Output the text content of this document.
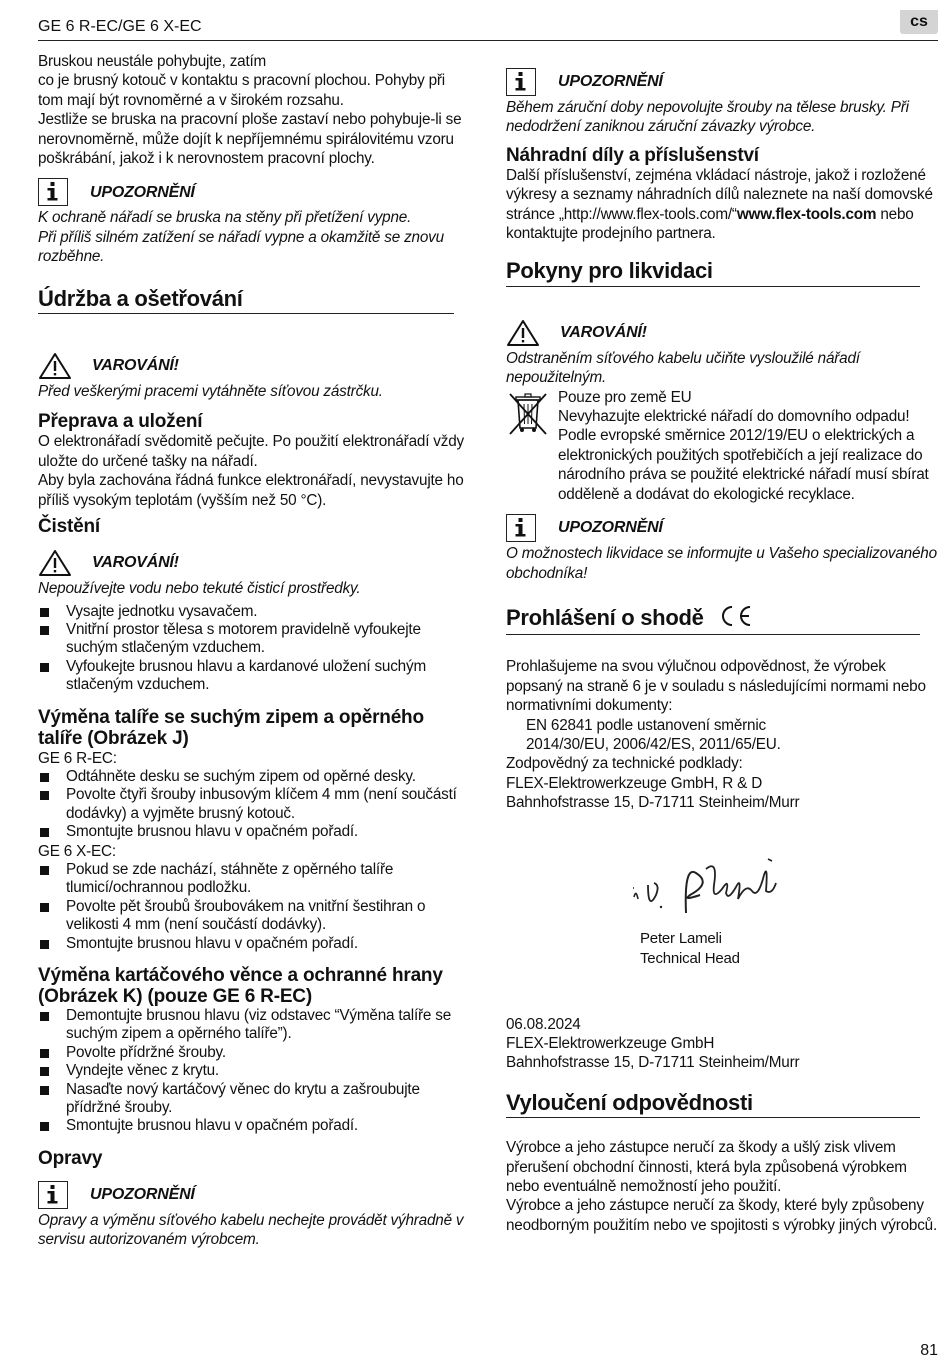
GE 6 R-EC/GE 6 X-EC	cs

Bruskou neustále pohybujte, zatím

co je brusný kotouč v kontaktu s pracovní plochou. Pohyby při tom mají být rovnoměrné a v širokém rozsahu.

Jestliže se bruska na pracovní ploše zastaví nebo pohybuje-li se nerovnoměrně, může dojít k nepříjemnému spirálovitému vzoru poškrábání, jakož i k nerovnostem pracovní plochy.

UPOZORNĚNÍ

K ochraně nářadí se bruska na stěny při přetížení vypne.

Při příliš silném zatížení se nářadí vypne a okamžitě se znovu rozběhne.

Údržba a ošetřování
VAROVÁNÍ!

Před veškerými pracemi vytáhněte síťovou zástrčku.

Přeprava a uložení

O elektronářadí svědomitě pečujte. Po použití elektronářadí vždy uložte do určené tašky na nářadí.

Aby byla zachována řádná funkce elektronářadí, nevystavujte ho příliš vysokým teplotám (vyšším než 50 °C).

Čistění
VAROVÁNÍ!

Nepoužívejte vodu nebo tekuté čisticí prostředky.

Vysajte jednotku vysavačem.
Vnitřní prostor tělesa s motorem pravidelně vyfoukejte suchým stlačeným vzduchem.
Vyfoukejte brusnou hlavu a kardanové uložení suchým stlačeným vzduchem.
Výměna talíře se suchým zipem a opěrného talíře (Obrázek J)

GE 6 R-EC:

Odtáhněte desku se suchým zipem od opěrné desky.
Povolte čtyři šrouby inbusovým klíčem 4 mm (není součástí dodávky) a vyjměte brusný kotouč.
Smontujte brusnou hlavu v opačném pořadí.

GE 6 X-EC:

Pokud se zde nachází, stáhněte z opěrného talíře tlumicí/ochrannou podložku.
Povolte pět šroubů šroubovákem na vnitřní šestihran o velikosti 4 mm (není součástí dodávky).
Smontujte brusnou hlavu v opačném pořadí.
Výměna kartáčového věnce a ochranné hrany (Obrázek K) (pouze GE 6 R-EC)
Demontujte brusnou hlavu (viz odstavec “Výměna talíře se suchým zipem a opěrného talíře”).
Povolte přídržné šrouby.
Vyndejte věnec z krytu.
Nasaďte nový kartáčový věnec do krytu a zašroubujte přídržné šrouby.
Smontujte brusnou hlavu v opačném pořadí.
Opravy
UPOZORNĚNÍ

Opravy a výměnu síťového kabelu nechejte provádět výhradně v servisu autorizovaném výrobcem.

UPOZORNĚNÍ

Během záruční doby nepovolujte šrouby na tělese brusky. Při nedodržení zaniknou záruční závazky výrobce.

Náhradní díly a příslušenství

Další příslušenství, zejména vkládací nástroje, jakož i rozložené výkresy a seznamy náhradních dílů naleznete na naší domovské stránce „http://www.flex-tools.com/“www.flex-tools.com nebo kontaktujte prodejního partnera.

Pokyny pro likvidaci
VAROVÁNÍ!

Odstraněním síťového kabelu učiňte vysloužilé nářadí nepoužitelným.

Pouze pro země EU

Nevyhazujte elektrické nářadí do domovního odpadu! Podle evropské směrnice 2012/19/EU o elektrických a elektronických použitých spotřebičích a její realizace do národního práva se použité elektrické nářadí musí sbírat odděleně a dodávat do ekologické recyklace.

UPOZORNĚNÍ

O možnostech likvidace se informujte u Vašeho specializovaného obchodníka!

Prohlášení o shodě

Prohlašujeme na svou výlučnou odpovědnost, že výrobek popsaný na straně 6 je v souladu s následujícími normami nebo normativními dokumenty:

EN 62841 podle ustanovení směrnic

2014/30/EU, 2006/42/ES, 2011/65/EU.

Zodpovědný za technické podklady:

FLEX-Elektrowerkzeuge GmbH, R & D

Bahnhofstrasse 15, D-71711 Steinheim/Murr

Peter Lameli
Technical Head

06.08.2024

FLEX-Elektrowerkzeuge GmbH

Bahnhofstrasse 15, D-71711 Steinheim/Murr

Vyloučení odpovědnosti

Výrobce a jeho zástupce neručí za škody a ušlý zisk vlivem přerušení obchodní činnosti, která byla způsobená výrobkem nebo eventuálně nemožností jeho použití.

Výrobce a jeho zástupce neručí za škody, které byly způsobeny neodborným použitím nebo ve spojitosti s výrobky jiných výrobců.

81
